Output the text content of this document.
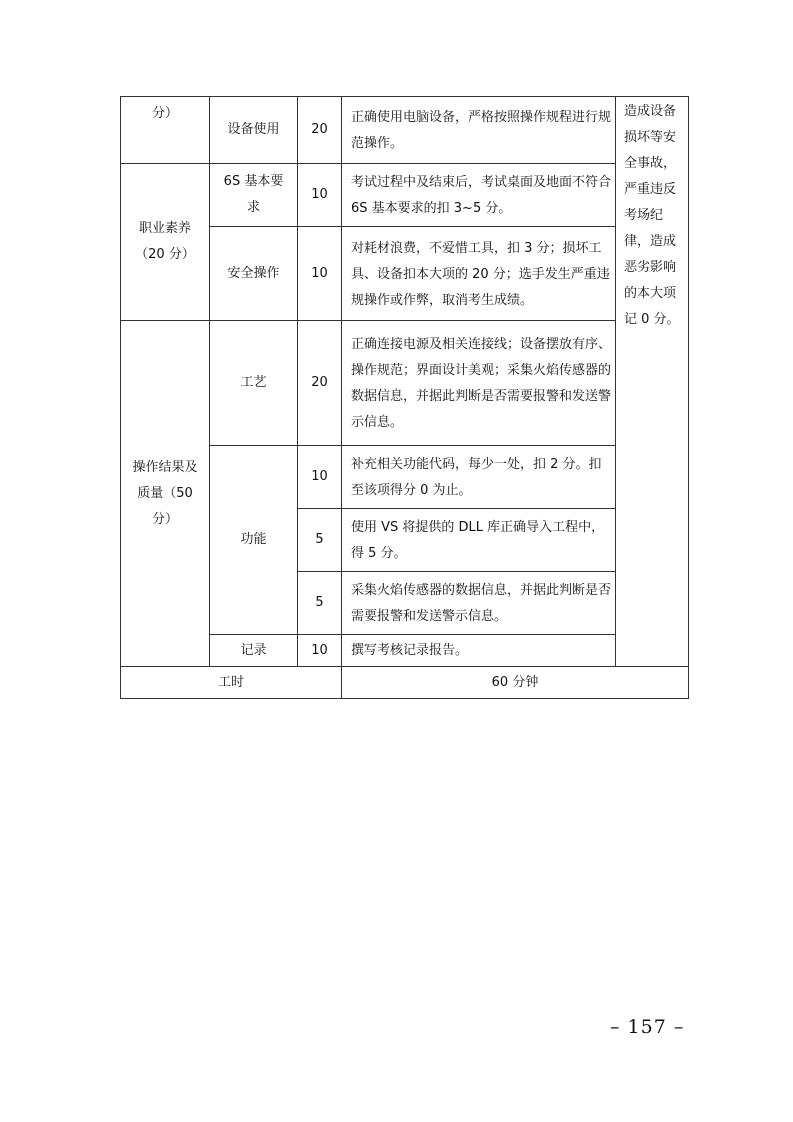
分）	设备使用	20	正确使用电脑设备，严格按照操作规程进行规范操作。	造成设备损坏等安全事故，严重违反考场纪律，造成恶劣影响的本大项记 0 分。
职业素养（20 分）	6S 基本要求	10	考试过程中及结束后，考试桌面及地面不符合 6S 基本要求的扣 3~5 分。	
	安全操作	10	对耗材浪费，不爱惜工具，扣 3 分；损坏工具、设备扣本大项的 20 分；选手发生严重违规操作或作弊，取消考生成绩。	
操作结果及质量（50 分）	工艺	20	正确连接电源及相关连接线；设备摆放有序、操作规范；界面设计美观；采集火焰传感器的数据信息，并据此判断是否需要报警和发送警示信息。	
	功能	10	补充相关功能代码，每少一处，扣 2 分。扣至该项得分 0 为止。	
		5	使用 VS 将提供的 DLL 库正确导入工程中，得 5 分。	
		5	采集火焰传感器的数据信息，并据此判断是否需要报警和发送警示信息。	
	记录	10	撰写考核记录报告。	
工时			60 分钟	
– 157 –
